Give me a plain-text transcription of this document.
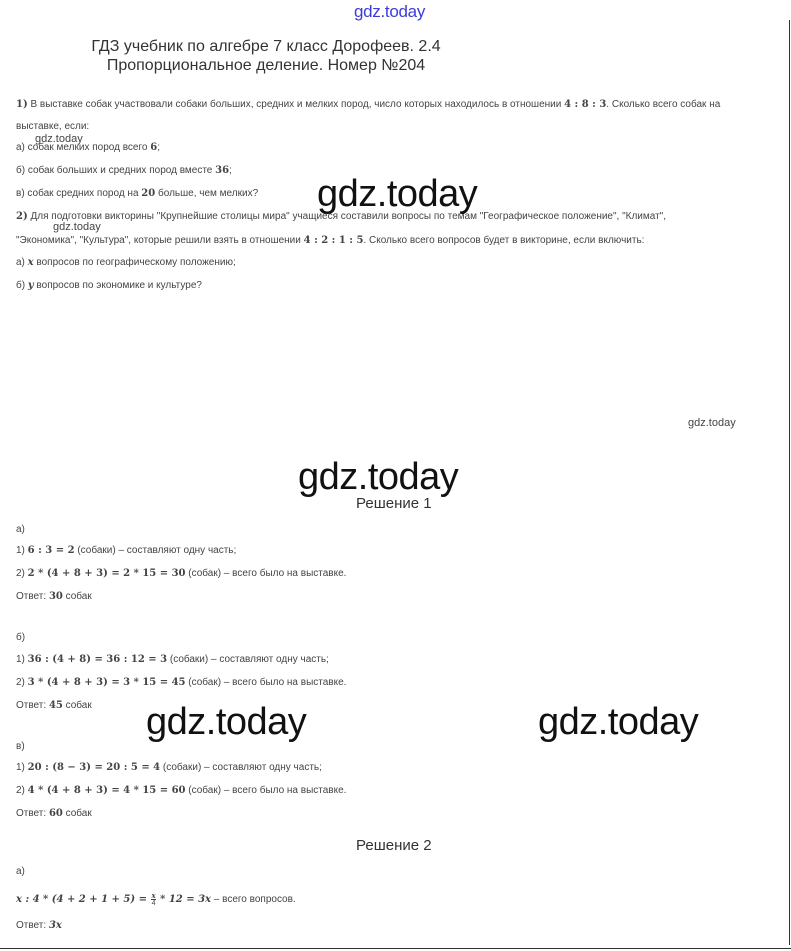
gdz.today
ГДЗ учебник по алгебре 7 класс Дорофеев. 2.4
Пропорциональное деление. Номер №204
1) В выставке собак участвовали собаки больших, средних и мелких пород, число которых находилось в отношении 4 : 8 : 3. Сколько всего собак на
выставке, если:
а) собак мелких пород всего 6;
б) собак больших и средних пород вместе 36;
в) собак средних пород на 20 больше, чем мелких?
2) Для подготовки викторины "Крупнейшие столицы мира" учащиеся составили вопросы по темам "Географическое положение", "Климат",
"Экономика", "Культура", которые решили взять в отношении 4 : 2 : 1 : 5. Сколько всего вопросов будет в викторине, если включить:
а) x вопросов по географическому положению;
б) y вопросов по экономике и культуре?
gdz.today
gdz.today
gdz.today
gdz.today
gdz.today
gdz.today	gdz.today
Решение 1
а)
1) 6 : 3 = 2 (собаки) – составляют одну часть;
2) 2 * (4 + 8 + 3) = 2 * 15 = 30 (собак) – всего было на выставке.
Ответ: 30 собак
б)
1) 36 : (4 + 8) = 36 : 12 = 3 (собаки) – составляют одну часть;
2) 3 * (4 + 8 + 3) = 3 * 15 = 45 (собак) – всего было на выставке.
Ответ: 45 собак
в)
1) 20 : (8 − 3) = 20 : 5 = 4 (собаки) – составляют одну часть;
2) 4 * (4 + 8 + 3) = 4 * 15 = 60 (собак) – всего было на выставке.
Ответ: 60 собак
Решение 2
а)
x : $4 * (4 + 2 + 1 + 5) = \frac{x}{4} * 12 = 3x$ – всего вопросов.
Ответ: 3x
